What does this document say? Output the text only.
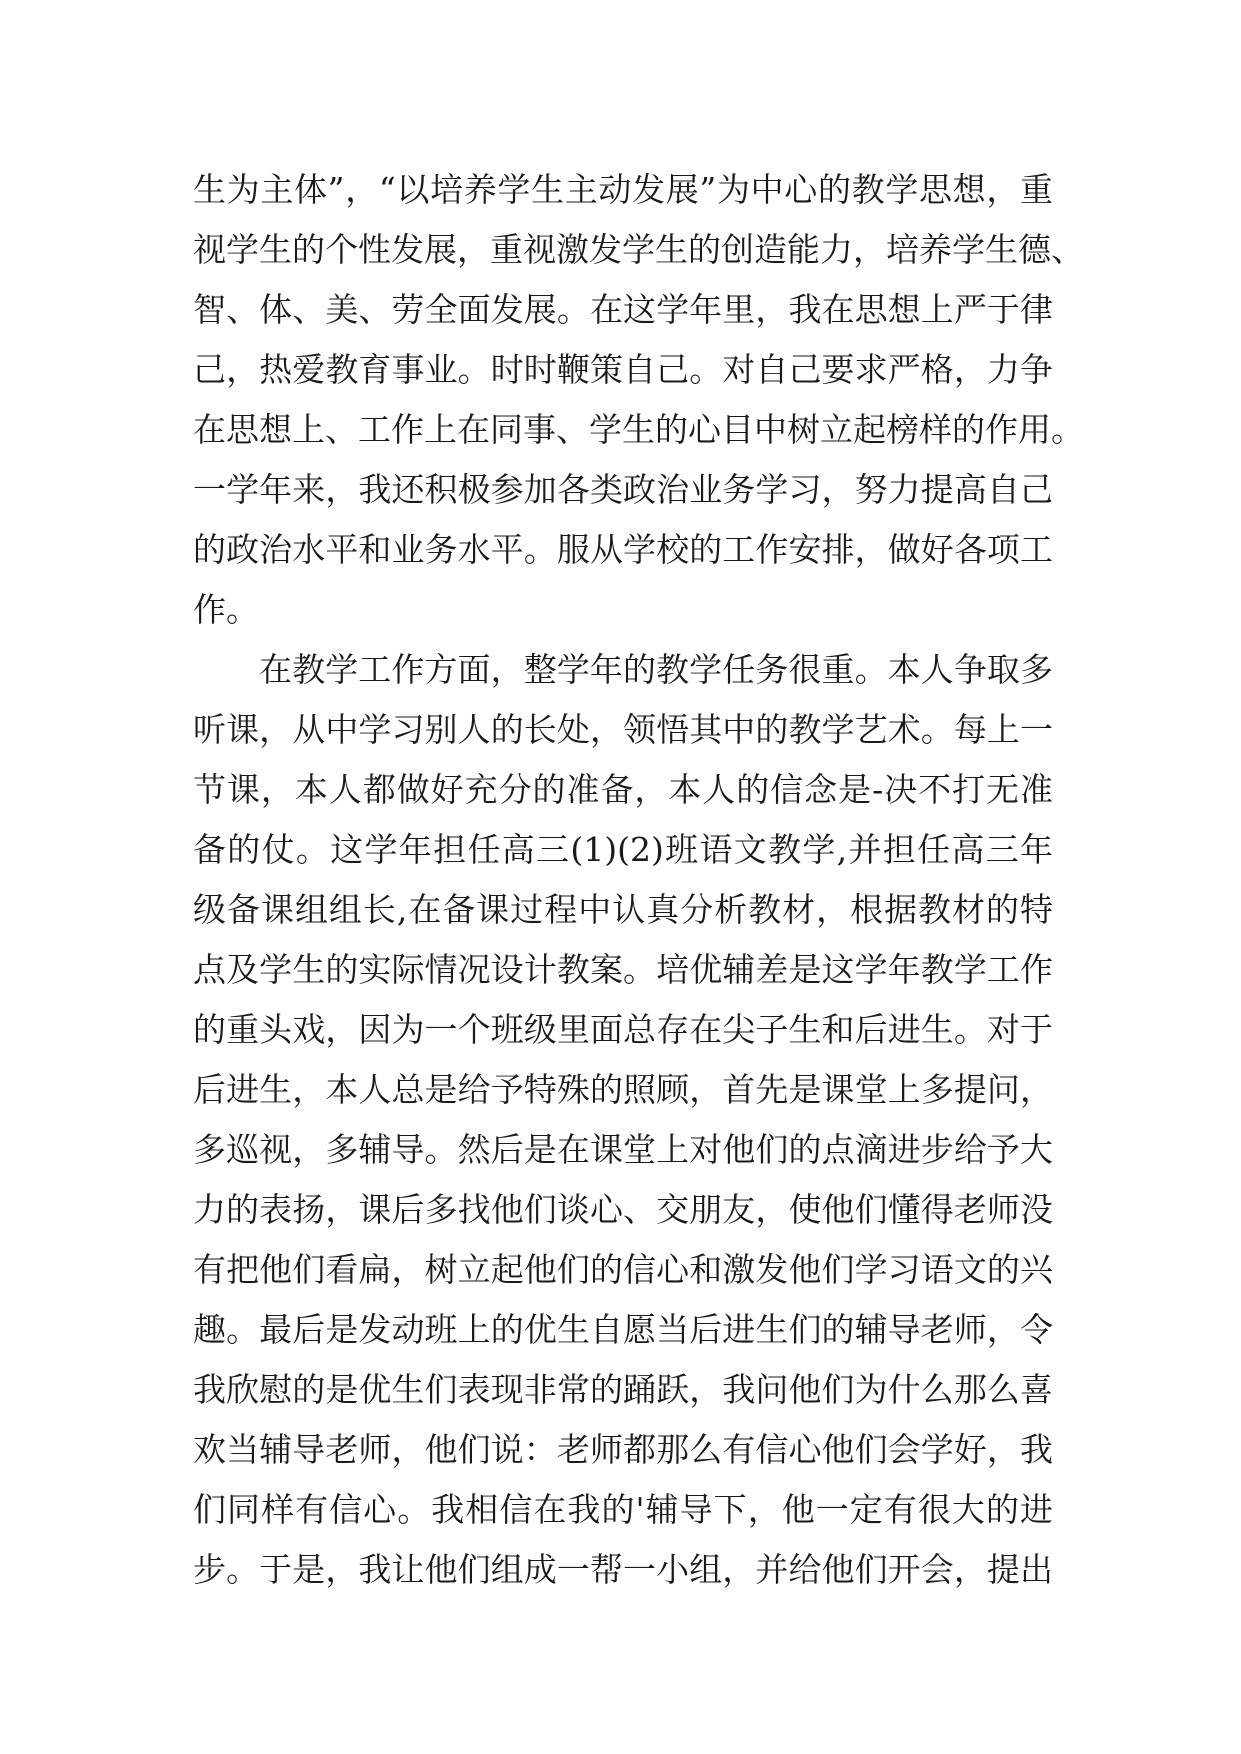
生为主体”，“以培养学生主动发展”为中心的教学思想，重
视学生的个性发展，重视激发学生的创造能力，培养学生德、
智、体、美、劳全面发展。在这学年里，我在思想上严于律
己，热爱教育事业。时时鞭策自己。对自己要求严格，力争
在思想上、工作上在同事、学生的心目中树立起榜样的作用。
一学年来，我还积极参加各类政治业务学习，努力提高自己
的政治水平和业务水平。服从学校的工作安排，做好各项工
作。
在教学工作方面，整学年的教学任务很重。本人争取多
听课，从中学习别人的长处，领悟其中的教学艺术。每上一
节课，本人都做好充分的准备，本人的信念是-决不打无准
备的仗。这学年担任高三(1)(2)班语文教学,并担任高三年
级备课组组长,在备课过程中认真分析教材，根据教材的特
点及学生的实际情况设计教案。培优辅差是这学年教学工作
的重头戏，因为一个班级里面总存在尖子生和后进生。对于
后进生，本人总是给予特殊的照顾，首先是课堂上多提问，
多巡视，多辅导。然后是在课堂上对他们的点滴进步给予大
力的表扬，课后多找他们谈心、交朋友，使他们懂得老师没
有把他们看扁，树立起他们的信心和激发他们学习语文的兴
趣。最后是发动班上的优生自愿当后进生们的辅导老师，令
我欣慰的是优生们表现非常的踊跃，我问他们为什么那么喜
欢当辅导老师，他们说：老师都那么有信心他们会学好，我
们同样有信心。我相信在我的'辅导下，他一定有很大的进
步。于是，我让他们组成一帮一小组，并给他们开会，提出
